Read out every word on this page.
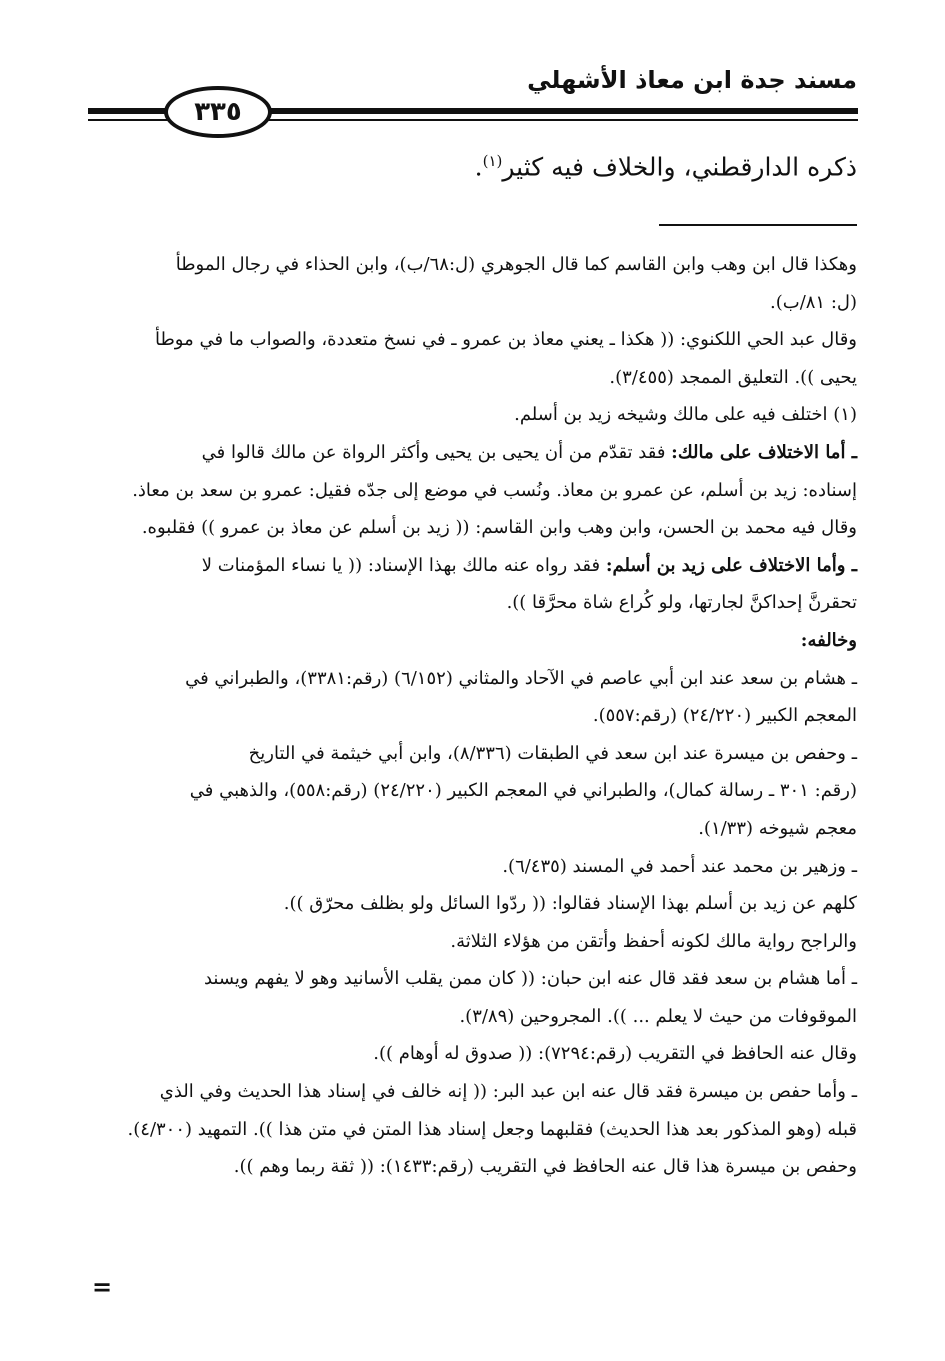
مسند جدة ابن معاذ الأشهلي
٣٣٥
ذكره الدارقطني، والخلاف فيه كثير$^{(١)}$.

وهكذا قال ابن وهب وابن القاسم كما قال الجوهري (ل:٦٨/ب)، وابن الحذاء في رجال الموطأ

(ل: ٨١/ب).

وقال عبد الحي اللكنوي: (( هكذا ـ يعني معاذ بن عمرو ـ في نسخ متعددة، والصواب ما في موطأ

يحيى )). التعليق الممجد (٣/٤٥٥).

(١) اختلف فيه على مالك وشيخه زيد بن أسلم.

ـ أما الاختلاف على مالك: فقد تقدّم من أن يحيى بن يحيى وأكثر الرواة عن مالك قالوا في

إسناده: زيد بن أسلم، عن عمرو بن معاذ. ونُسب في موضع إلى جدّه فقيل: عمرو بن سعد بن معاذ.

وقال فيه محمد بن الحسن، وابن وهب وابن القاسم: (( زيد بن أسلم عن معاذ بن عمرو )) فقلبوه.

ـ وأما الاختلاف على زيد بن أسلم: فقد رواه عنه مالك بهذا الإسناد: (( يا نساء المؤمنات لا

تحقرنَّ إحداكنَّ لجارتها، ولو كُراع شاة محرَّقا )).

وخالفه:

ـ هشام بن سعد عند ابن أبي عاصم في الآحاد والمثاني (٦/١٥٢) (رقم:٣٣٨١)، والطبراني في

المعجم الكبير (٢٤/٢٢٠) (رقم:٥٥٧).

ـ وحفص بن ميسرة عند ابن سعد في الطبقات (٨/٣٣٦)، وابن أبي خيثمة في التاريخ

(رقم: ٣٠١ ـ رسالة كمال)، والطبراني في المعجم الكبير (٢٤/٢٢٠) (رقم:٥٥٨)، والذهبي في

معجم شيوخه (١/٣٣).

ـ وزهير بن محمد عند أحمد في المسند (٦/٤٣٥).

كلهم عن زيد بن أسلم بهذا الإسناد فقالوا: (( ردّوا السائل ولو بظلف محرّق )).

والراجح رواية مالك لكونه أحفظ وأتقن من هؤلاء الثلاثة.

ـ أما هشام بن سعد فقد قال عنه ابن حبان: (( كان ممن يقلب الأسانيد وهو لا يفهم ويسند

الموقوفات من حيث لا يعلم ... )). المجروحين (٣/٨٩).

وقال عنه الحافظ في التقريب (رقم:٧٢٩٤): (( صدوق له أوهام )).

ـ وأما حفص بن ميسرة فقد قال عنه ابن عبد البر: (( إنه خالف في إسناد هذا الحديث وفي الذي

قبله (وهو المذكور بعد هذا الحديث) فقلبهما وجعل إسناد هذا المتن في متن هذا )). التمهيد (٤/٣٠٠).

وحفص بن ميسرة هذا قال عنه الحافظ في التقريب (رقم:١٤٣٣): (( ثقة ربما وهم )).

=
